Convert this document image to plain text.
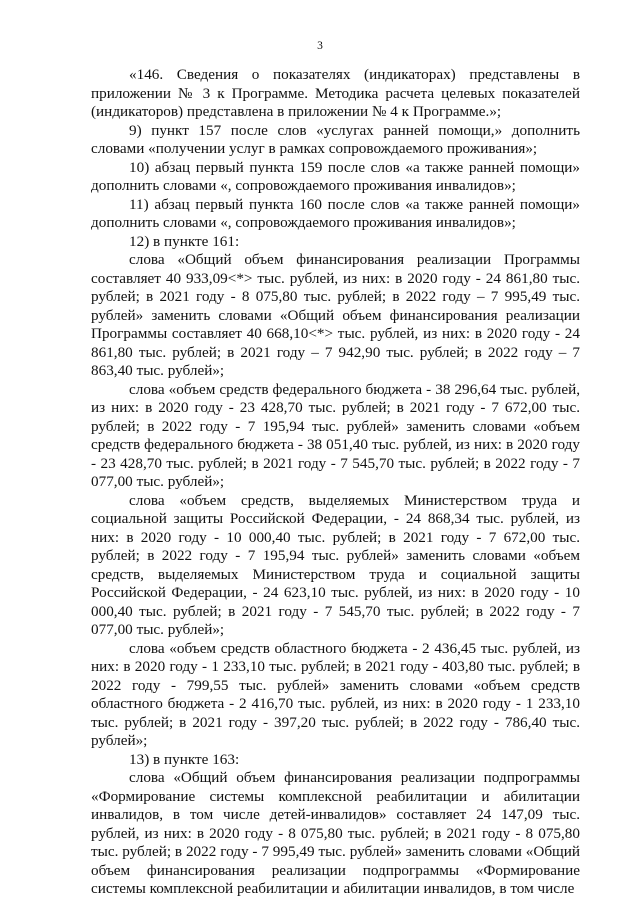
3

«146. Сведения о показателях (индикаторах) представлены в приложении № 3 к Программе. Методика расчета целевых показателей (индикаторов) представлена в приложении № 4 к Программе.»;

9) пункт 157 после слов «услугах ранней помощи,» дополнить словами «получении услуг в рамках сопровождаемого проживания»;

10) абзац первый пункта 159 после слов «а также ранней помощи» дополнить словами «, сопровождаемого проживания инвалидов»;

11) абзац первый пункта 160 после слов «а также ранней помощи» дополнить словами «, сопровождаемого проживания инвалидов»;

12) в пункте 161:

слова «Общий объем финансирования реализации Программы составляет 40 933,09<*> тыс. рублей, из них: в 2020 году - 24 861,80 тыс. рублей; в 2021 году - 8 075,80 тыс. рублей; в 2022 году – 7 995,49 тыс. рублей» заменить словами «Общий объем финансирования реализации Программы составляет 40 668,10<*> тыс. рублей, из них: в 2020 году - 24 861,80 тыс. рублей; в 2021 году – 7 942,90 тыс. рублей; в 2022 году – 7 863,40 тыс. рублей»;

слова «объем средств федерального бюджета - 38 296,64 тыс. рублей, из них: в 2020 году - 23 428,70 тыс. рублей; в 2021 году - 7 672,00 тыс. рублей; в 2022 году - 7 195,94 тыс. рублей» заменить словами «объем средств федерального бюджета - 38 051,40 тыс. рублей, из них: в 2020 году - 23 428,70 тыс. рублей; в 2021 году - 7 545,70 тыс. рублей; в 2022 году - 7 077,00 тыс. рублей»;

слова «объем средств, выделяемых Министерством труда и социальной защиты Российской Федерации, - 24 868,34 тыс. рублей, из них: в 2020 году - 10 000,40 тыс. рублей; в 2021 году - 7 672,00 тыс. рублей; в 2022 году - 7 195,94 тыс. рублей» заменить словами «объем средств, выделяемых Министерством труда и социальной защиты Российской Федерации, - 24 623,10 тыс. рублей, из них: в 2020 году - 10 000,40 тыс. рублей; в 2021 году - 7 545,70 тыс. рублей; в 2022 году - 7 077,00 тыс. рублей»;

слова «объем средств областного бюджета - 2 436,45 тыс. рублей, из них: в 2020 году - 1 233,10 тыс. рублей; в 2021 году - 403,80 тыс. рублей; в 2022 году - 799,55 тыс. рублей» заменить словами «объем средств областного бюджета - 2 416,70 тыс. рублей, из них: в 2020 году - 1 233,10 тыс. рублей; в 2021 году - 397,20 тыс. рублей; в 2022 году - 786,40 тыс. рублей»;

13) в пункте 163:

слова «Общий объем финансирования реализации подпрограммы «Формирование системы комплексной реабилитации и абилитации инвалидов, в том числе детей-инвалидов» составляет 24 147,09 тыс. рублей, из них: в 2020 году - 8 075,80 тыс. рублей; в 2021 году - 8 075,80 тыс. рублей; в 2022 году - 7 995,49 тыс. рублей» заменить словами «Общий объем финансирования реализации подпрограммы «Формирование системы комплексной реабилитации и абилитации инвалидов, в том числе
